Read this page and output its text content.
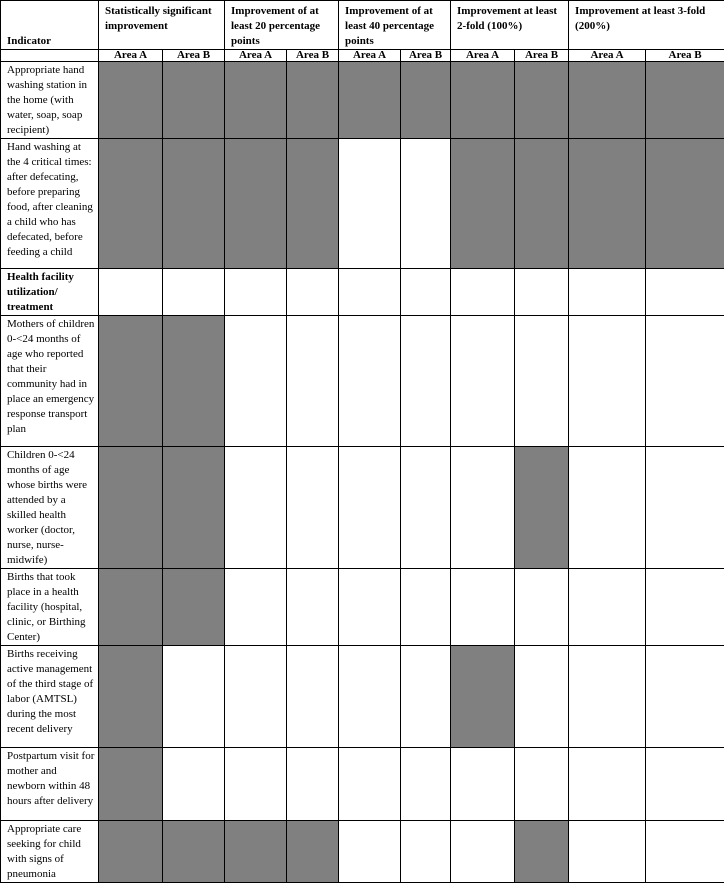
Indicator	Statistically significant improvement		Improvement of at least 20 percentage points		Improvement of at least 40 percentage points		Improvement at least 2-fold (100%)		Improvement at least 3-fold (200%)	
	Area A	Area B	Area A	Area B	Area A	Area B	Area A	Area B	Area A	Area B
Appropriate hand washing station in the home (with water, soap, soap recipient)										
Hand washing at the 4 critical times: after defecating, before preparing food, after cleaning a child who has defecated, before feeding a child										
Health facility utilization/ treatment										
Mothers of children 0-<24 months of age who reported that their community had in place an emergency response transport plan										
Children 0-<24 months of age whose births were attended by a skilled health worker (doctor, nurse, nurse-midwife)										
Births that took place in a health facility (hospital, clinic, or Birthing Center)										
Births receiving active management of the third stage of labor (AMTSL) during the most recent delivery										
Postpartum visit for mother and newborn within 48 hours after delivery										
Appropriate care seeking for child with signs of pneumonia										
